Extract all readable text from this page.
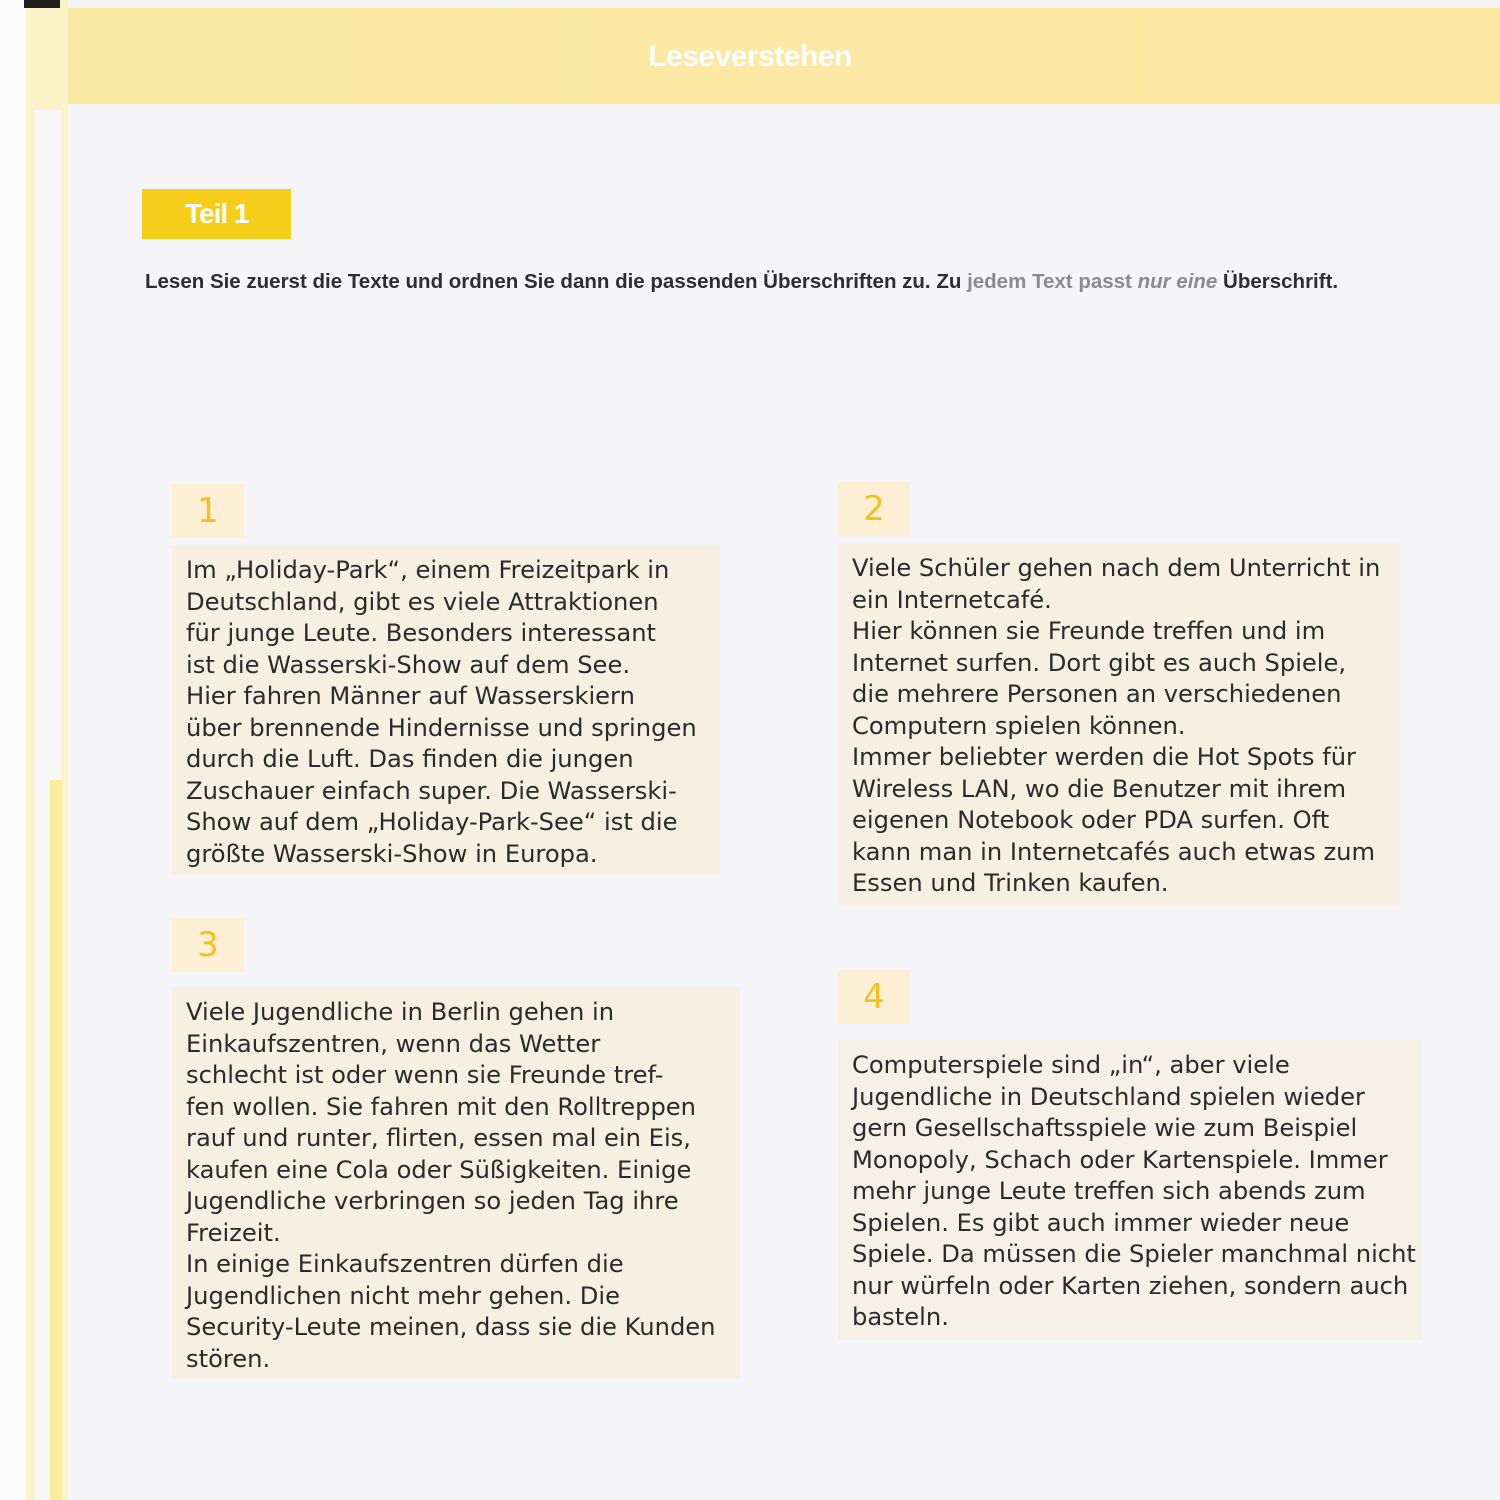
Leseverstehen
Teil 1
Lesen Sie zuerst die Texte und ordnen Sie dann die passenden Überschriften zu. Zu jedem Text passt nur eine Überschrift.
1
Im „Holiday-Park“, einem Freizeitpark in
Deutschland, gibt es viele Attraktionen
für junge Leute. Besonders interessant
ist die Wasserski-Show auf dem See.
Hier fahren Männer auf Wasserskiern
über brennende Hindernisse und springen
durch die Luft. Das finden die jungen
Zuschauer einfach super. Die Wasserski-
Show auf dem „Holiday-Park-See“ ist die
größte Wasserski-Show in Europa.
2
Viele Schüler gehen nach dem Unterricht in
ein Internetcafé.
Hier können sie Freunde treffen und im
Internet surfen. Dort gibt es auch Spiele,
die mehrere Personen an verschiedenen
Computern spielen können.
Immer beliebter werden die Hot Spots für
Wireless LAN, wo die Benutzer mit ihrem
eigenen Notebook oder PDA surfen. Oft
kann man in Internetcafés auch etwas zum
Essen und Trinken kaufen.
3
Viele Jugendliche in Berlin gehen in
Einkaufszentren, wenn das Wetter
schlecht ist oder wenn sie Freunde tref-
fen wollen. Sie fahren mit den Rolltreppen
rauf und runter, flirten, essen mal ein Eis,
kaufen eine Cola oder Süßigkeiten. Einige
Jugendliche verbringen so jeden Tag ihre
Freizeit.
In einige Einkaufszentren dürfen die
Jugendlichen nicht mehr gehen. Die
Security-Leute meinen, dass sie die Kunden
stören.
4
Computerspiele sind „in“, aber viele
Jugendliche in Deutschland spielen wieder
gern Gesellschaftsspiele wie zum Beispiel
Monopoly, Schach oder Kartenspiele. Immer
mehr junge Leute treffen sich abends zum
Spielen. Es gibt auch immer wieder neue
Spiele. Da müssen die Spieler manchmal nicht
nur würfeln oder Karten ziehen, sondern auch
basteln.
